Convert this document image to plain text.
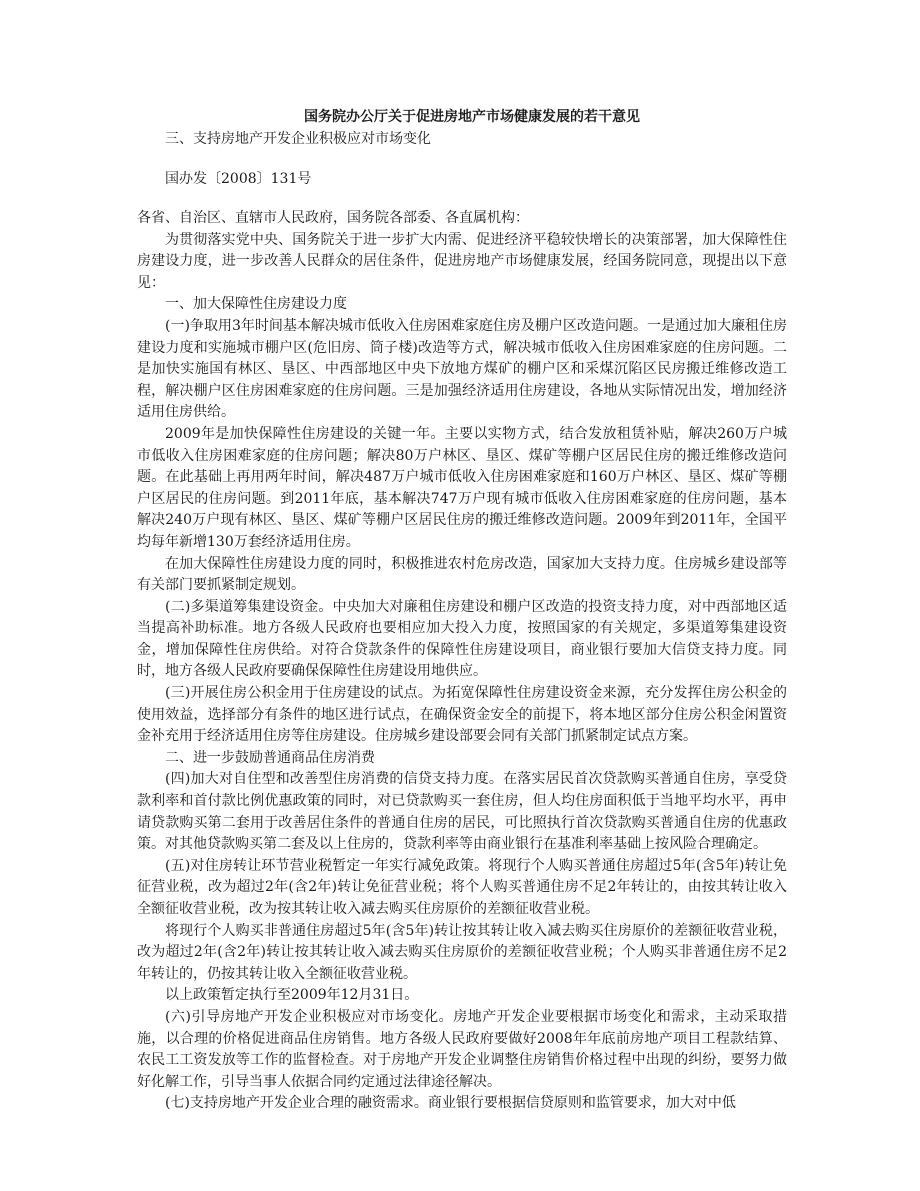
国务院办公厅关于促进房地产市场健康发展的若干意见

三、支持房地产开发企业积极应对市场变化

国办发〔2008〕131号

各省、自治区、直辖市人民政府，国务院各部委、各直属机构：

为贯彻落实党中央、国务院关于进一步扩大内需、促进经济平稳较快增长的决策部署，加大保障性住房建设力度，进一步改善人民群众的居住条件，促进房地产市场健康发展，经国务院同意，现提出以下意见：

一、加大保障性住房建设力度

(一)争取用3年时间基本解决城市低收入住房困难家庭住房及棚户区改造问题。一是通过加大廉租住房建设力度和实施城市棚户区(危旧房、筒子楼)改造等方式，解决城市低收入住房困难家庭的住房问题。二是加快实施国有林区、垦区、中西部地区中央下放地方煤矿的棚户区和采煤沉陷区民房搬迁维修改造工程，解决棚户区住房困难家庭的住房问题。三是加强经济适用住房建设，各地从实际情况出发，增加经济适用住房供给。

2009年是加快保障性住房建设的关键一年。主要以实物方式，结合发放租赁补贴，解决260万户城市低收入住房困难家庭的住房问题；解决80万户林区、垦区、煤矿等棚户区居民住房的搬迁维修改造问题。在此基础上再用两年时间，解决487万户城市低收入住房困难家庭和160万户林区、垦区、煤矿等棚户区居民的住房问题。到2011年底，基本解决747万户现有城市低收入住房困难家庭的住房问题，基本解决240万户现有林区、垦区、煤矿等棚户区居民住房的搬迁维修改造问题。2009年到2011年，全国平均每年新增130万套经济适用住房。

在加大保障性住房建设力度的同时，积极推进农村危房改造，国家加大支持力度。住房城乡建设部等有关部门要抓紧制定规划。

(二)多渠道筹集建设资金。中央加大对廉租住房建设和棚户区改造的投资支持力度，对中西部地区适当提高补助标准。地方各级人民政府也要相应加大投入力度，按照国家的有关规定，多渠道筹集建设资金，增加保障性住房供给。对符合贷款条件的保障性住房建设项目，商业银行要加大信贷支持力度。同时，地方各级人民政府要确保保障性住房建设用地供应。

(三)开展住房公积金用于住房建设的试点。为拓宽保障性住房建设资金来源，充分发挥住房公积金的使用效益，选择部分有条件的地区进行试点，在确保资金安全的前提下，将本地区部分住房公积金闲置资金补充用于经济适用住房等住房建设。住房城乡建设部要会同有关部门抓紧制定试点方案。

二、进一步鼓励普通商品住房消费

(四)加大对自住型和改善型住房消费的信贷支持力度。在落实居民首次贷款购买普通自住房，享受贷款利率和首付款比例优惠政策的同时，对已贷款购买一套住房，但人均住房面积低于当地平均水平，再申请贷款购买第二套用于改善居住条件的普通自住房的居民，可比照执行首次贷款购买普通自住房的优惠政策。对其他贷款购买第二套及以上住房的，贷款利率等由商业银行在基准利率基础上按风险合理确定。

(五)对住房转让环节营业税暂定一年实行减免政策。将现行个人购买普通住房超过5年(含5年)转让免征营业税，改为超过2年(含2年)转让免征营业税；将个人购买普通住房不足2年转让的，由按其转让收入全额征收营业税，改为按其转让收入减去购买住房原价的差额征收营业税。

将现行个人购买非普通住房超过5年(含5年)转让按其转让收入减去购买住房原价的差额征收营业税，改为超过2年(含2年)转让按其转让收入减去购买住房原价的差额征收营业税；个人购买非普通住房不足2年转让的，仍按其转让收入全额征收营业税。

以上政策暂定执行至2009年12月31日。

(六)引导房地产开发企业积极应对市场变化。房地产开发企业要根据市场变化和需求，主动采取措施，以合理的价格促进商品住房销售。地方各级人民政府要做好2008年年底前房地产项目工程款结算、农民工工资发放等工作的监督检查。对于房地产开发企业调整住房销售价格过程中出现的纠纷，要努力做好化解工作，引导当事人依据合同约定通过法律途径解决。

(七)支持房地产开发企业合理的融资需求。商业银行要根据信贷原则和监管要求，加大对中低
